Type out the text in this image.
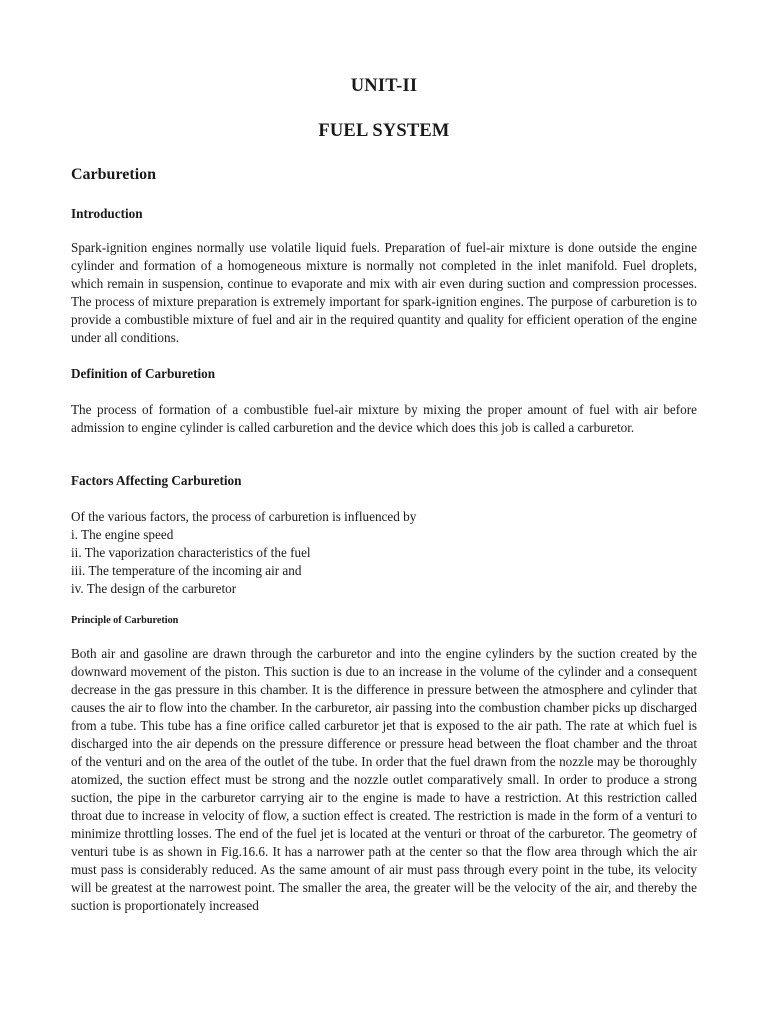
UNIT-II
FUEL SYSTEM
Carburetion
Introduction

Spark-ignition engines normally use volatile liquid fuels. Preparation of fuel-air mixture is done outside the engine cylinder and formation of a homogeneous mixture is normally not completed in the inlet manifold. Fuel droplets, which remain in suspension, continue to evaporate and mix with air even during suction and compression processes. The process of mixture preparation is extremely important for spark-ignition engines. The purpose of carburetion is to provide a combustible mixture of fuel and air in the required quantity and quality for efficient operation of the engine under all conditions.

Definition of Carburetion

The process of formation of a combustible fuel-air mixture by mixing the proper amount of fuel with air before admission to engine cylinder is called carburetion and the device which does this job is called a carburetor.

Factors Affecting Carburetion
Of the various factors, the process of carburetion is influenced by
i. The engine speed
ii. The vaporization characteristics of the fuel
iii. The temperature of the incoming air and
iv. The design of the carburetor
Principle of Carburetion

Both air and gasoline are drawn through the carburetor and into the engine cylinders by the suction created by the downward movement of the piston. This suction is due to an increase in the volume of the cylinder and a consequent decrease in the gas pressure in this chamber. It is the difference in pressure between the atmosphere and cylinder that causes the air to flow into the chamber. In the carburetor, air passing into the combustion chamber picks up discharged from a tube. This tube has a fine orifice called carburetor jet that is exposed to the air path. The rate at which fuel is discharged into the air depends on the pressure difference or pressure head between the float chamber and the throat of the venturi and on the area of the outlet of the tube. In order that the fuel drawn from the nozzle may be thoroughly atomized, the suction effect must be strong and the nozzle outlet comparatively small. In order to produce a strong suction, the pipe in the carburetor carrying air to the engine is made to have a restriction. At this restriction called throat due to increase in velocity of flow, a suction effect is created. The restriction is made in the form of a venturi to minimize throttling losses. The end of the fuel jet is located at the venturi or throat of the carburetor. The geometry of venturi tube is as shown in Fig.16.6. It has a narrower path at the center so that the flow area through which the air must pass is considerably reduced. As the same amount of air must pass through every point in the tube, its velocity will be greatest at the narrowest point. The smaller the area, the greater will be the velocity of the air, and thereby the suction is proportionately increased
